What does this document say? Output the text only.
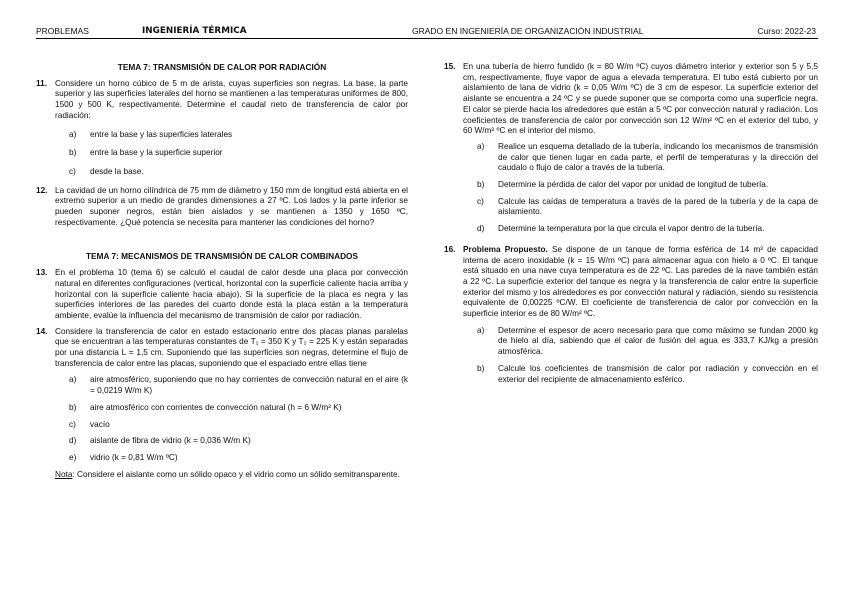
PROBLEMAS	INGENIERÍA TÉRMICA	GRADO EN INGENIERÍA DE ORGANIZACIÓN INDUSTRIAL	Curso: 2022-23
TEMA 7: TRANSMISIÓN DE CALOR POR RADIACIÓN
11. Considere un horno cúbico de 5 m de arista, cuyas superficies son negras. La base, la parte superior y las superficies laterales del horno se mantienen a las temperaturas uniformes de 800, 1500 y 500 K, respectivamente. Determine el caudal neto de transferencia de calor por radiación:
a)	entre la base y las superficies laterales
b)	entre la base y la superficie superior
c)	desde la base.
12. La cavidad de un horno cilíndrica de 75 mm de diámetro y 150 mm de longitud está abierta en el extremo superior a un medio de grandes dimensiones a 27 ºC. Los lados y la parte inferior se pueden suponer negros, están bien aislados y se mantienen a 1350 y 1650 ºC, respectivamente. ¿Qué potencia se necesita para mantener las condiciones del horno?
TEMA 7: MECANISMOS DE TRANSMISIÓN DE CALOR COMBINADOS
13. En el problema 10 (tema 6) se calculó el caudal de calor desde una placa por convección natural en diferentes configuraciones (vertical, horizontal con la superficie caliente hacia arriba y horizontal con la superficie caliente hacia abajo). Si la superficie de la placa es negra y las superficies interiores de las paredes del cuarto donde está la placa están a la temperatura ambiente, evalúe la influencia del mecanismo de transmisión de calor por radiación.
14. Considere la transferencia de calor en estado estacionario entre dos placas planas paralelas que se encuentran a las temperaturas constantes de T₁ = 350 K y T₂ = 225 K y están separadas por una distancia L = 1,5 cm. Suponiendo que las superficies son negras, determine el flujo de transferencia de calor entre las placas, suponiendo que el espaciado entre ellas tiene
a)	aire atmosférico, suponiendo que no hay corrientes de convección natural en el aire (k = 0,0219 W/m K)
b)	aire atmosférico con corrientes de convección natural (h = 6 W/m² K)
c)	vacío
d)	aislante de fibra de vidrio (k = 0,036 W/m K)
e)	vidrio (k = 0,81 W/m ºC)
Nota: Considere el aislante como un sólido opaco y el vidrio como un sólido semitransparente.
15. En una tubería de hierro fundido (k = 80 W/m ºC) cuyos diámetro interior y exterior son 5 y 5,5 cm, respectivamente, fluye vapor de agua a elevada temperatura. El tubo está cubierto por un aislamiento de lana de vidrio (k = 0,05 W/m ºC) de 3 cm de espesor. La superficie exterior del aislante se encuentra a 24 ºC y se puede suponer que se comporta como una superficie negra. El calor se pierde hacia los alrededores que están a 5 ºC por convección natural y radiación. Los coeficientes de transferencia de calor por convección son 12 W/m² ºC en el exterior del tubo, y 60 W/m² ºC en el interior del mismo.
a)	Realice un esquema detallado de la tubería, indicando los mecanismos de transmisión de calor que tienen lugar en cada parte, el perfil de temperaturas y la dirección del caudalo o flujo de calor a través de la tubería.
b)	Determine la pérdida de calor del vapor por unidad de longitud de tubería.
c)	Calcule las caídas de temperatura a través de la pared de la tubería y de la capa de aislamiento.
d)	Determine la temperatura por la que circula el vapor dentro de la tubería.
16. Problema Propuesto. Se dispone de un tanque de forma esférica de 14 m³ de capacidad interna de acero inoxidable (k = 15 W/m ºC) para almacenar agua con hielo a 0 ºC. El tanque está situado en una nave cuya temperatura es de 22 ºC. Las paredes de la nave también están a 22 ºC. La superficie exterior del tanque es negra y la transferencia de calor entre la superficie exterior del mismo y los alrededores es por convección natural y radiación, siendo su resistencia equivalente de 0,00225 ºC/W. El coeficiente de transferencia de calor por convección en la superficie interior es de 80 W/m² ºC.
a)	Determine el espesor de acero necesario para que como máximo se fundan 2000 kg de hielo al día, sabiendo que el calor de fusión del agua es 333,7 KJ/kg a presión atmosférica.
b)	Calcule los coeficientes de transmisión de calor por radiación y convección en el exterior del recipiente de almacenamiento esférico.
